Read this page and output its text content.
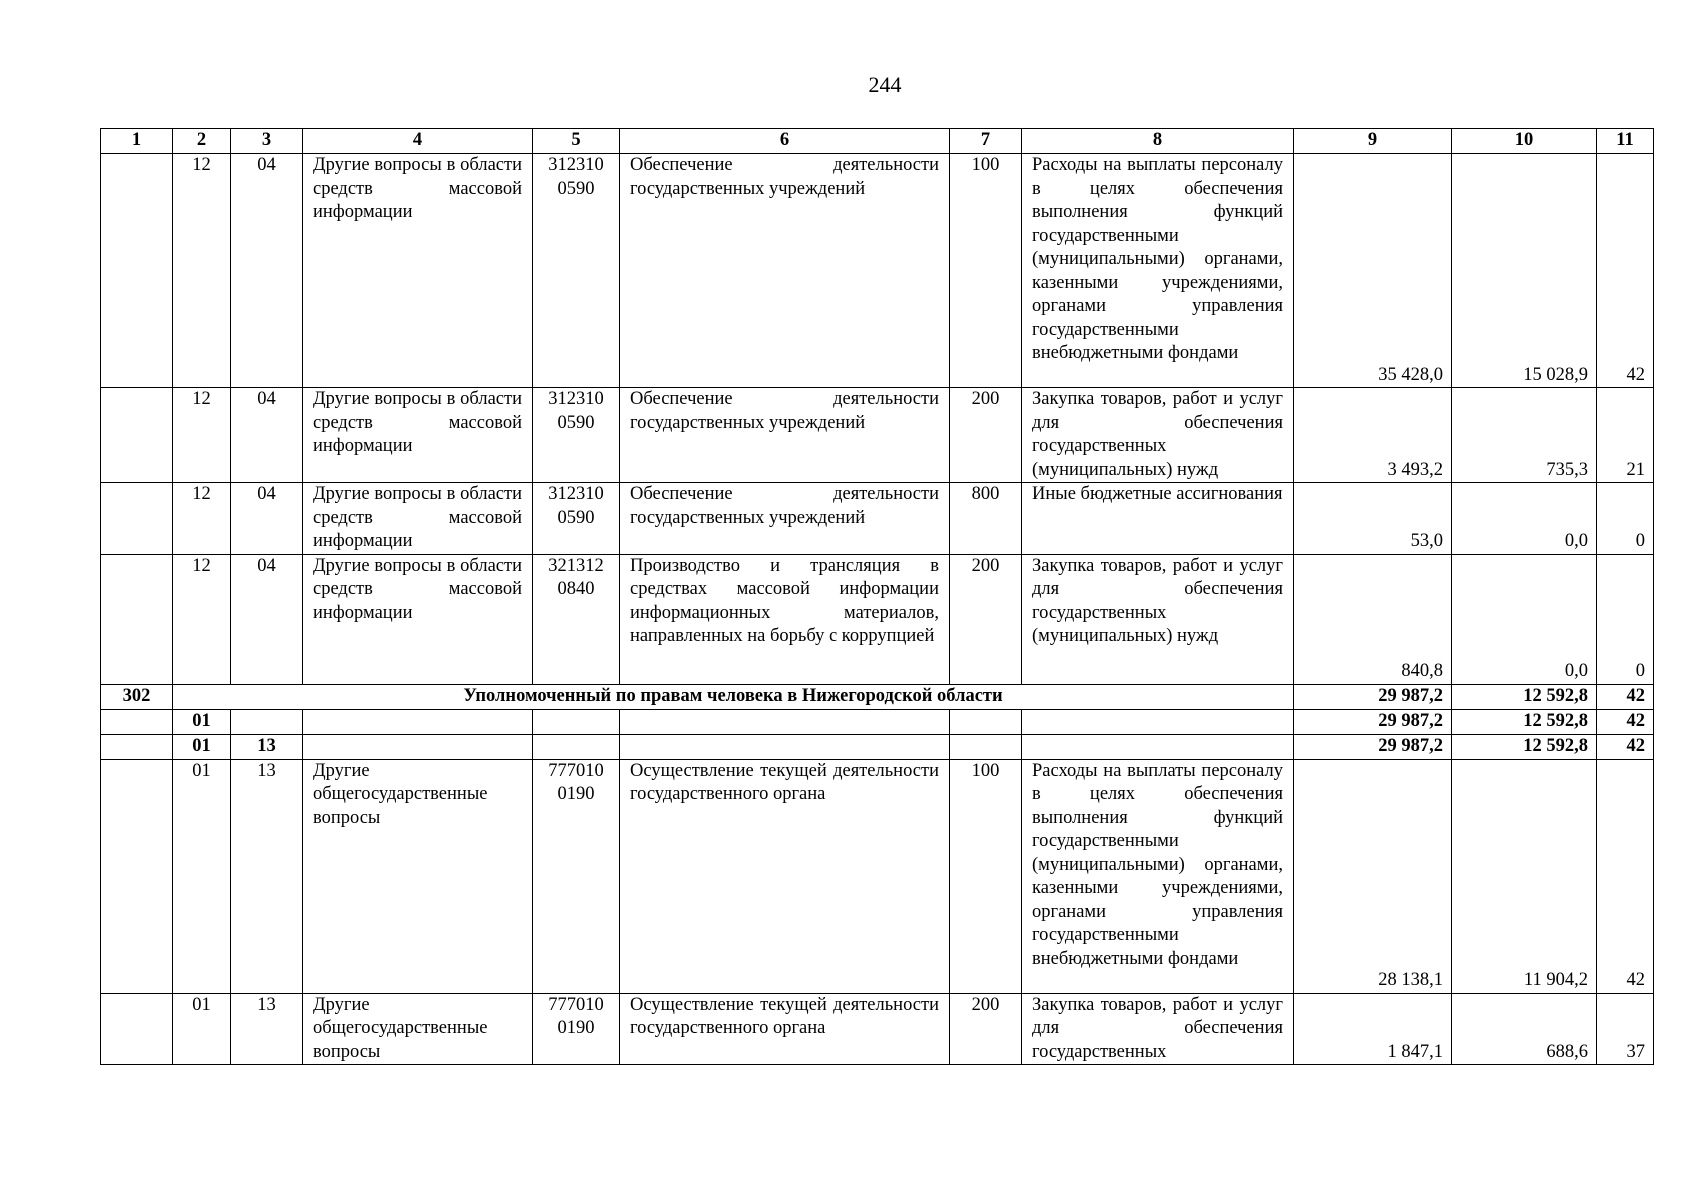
244
1	2	3	4	5	6	7	8	9	10	11
	12	04	Другие вопросы в области средств массовой информации	312310 0590	Обеспечение деятельности государственных учреждений	100	Расходы на выплаты персоналу в целях обеспечения выполнения функций государственными (муниципальными) органами, казенными учреждениями, органами управления государственными внебюджетными фондами	35 428,0	15 028,9	42
	12	04	Другие вопросы в области средств массовой информации	312310 0590	Обеспечение деятельности государственных учреждений	200	Закупка товаров, работ и услуг для обеспечения государственных (муниципальных) нужд	3 493,2	735,3	21
	12	04	Другие вопросы в области средств массовой информации	312310 0590	Обеспечение деятельности государственных учреждений	800	Иные бюджетные ассигнования	53,0	0,0	0
	12	04	Другие вопросы в области средств массовой информации	321312 0840	Производство и трансляция в средствах массовой информации информационных материалов, направленных на борьбу с коррупцией	200	Закупка товаров, работ и услуг для обеспечения государственных (муниципальных) нужд	840,8	0,0	0
302	Уполномоченный по правам человека в Нижегородской области							29 987,2	12 592,8	42
	01							29 987,2	12 592,8	42
	01	13						29 987,2	12 592,8	42
	01	13	Другие общегосударственные вопросы	777010 0190	Осуществление текущей деятельности государственного органа	100	Расходы на выплаты персоналу в целях обеспечения выполнения функций государственными (муниципальными) органами, казенными учреждениями, органами управления государственными внебюджетными фондами	28 138,1	11 904,2	42
	01	13	Другие общегосударственные вопросы	777010 0190	Осуществление текущей деятельности государственного органа	200	Закупка товаров, работ и услуг для обеспечения государственных	1 847,1	688,6	37
